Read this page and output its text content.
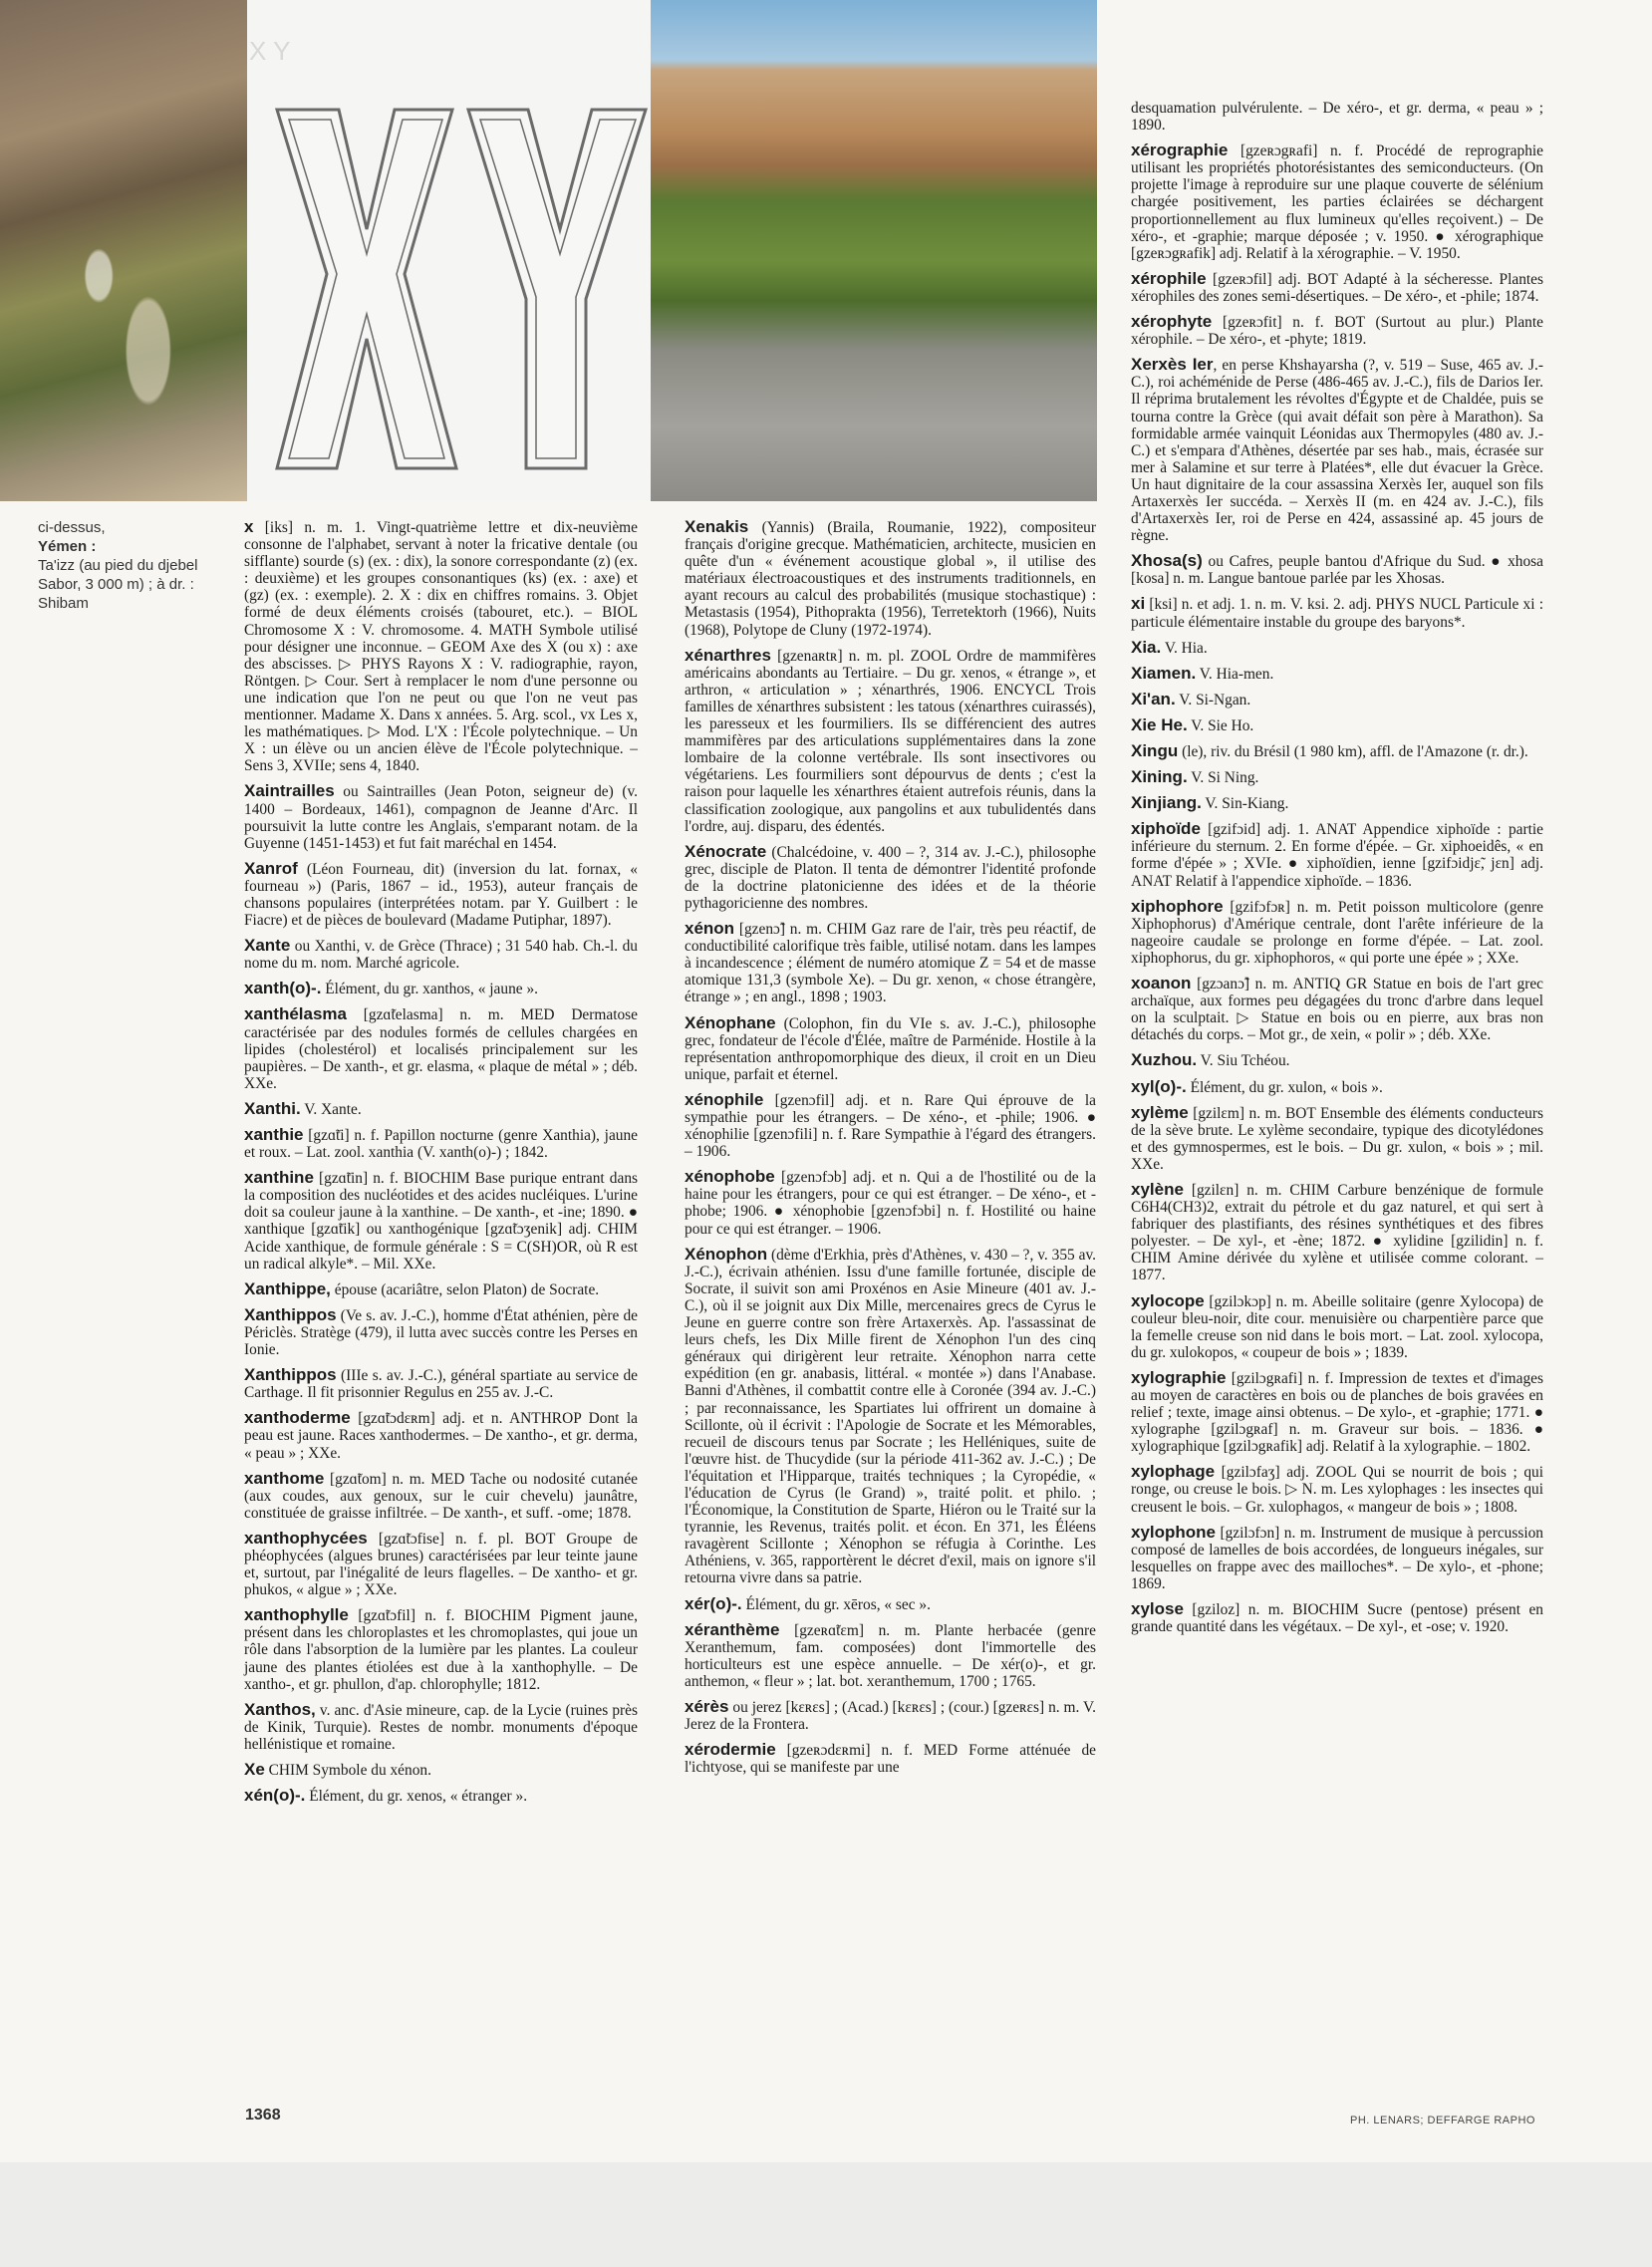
X Y
ci-dessus,
Yémen :
Ta'izz (au pied du djebel Sabor, 3 000 m) ; à dr. : Shibam
x [iks] n. m. 1. Vingt-quatrième lettre et dix-neuvième consonne de l'alphabet, servant à noter la fricative dentale (ou sifflante) sourde (s) (ex. : dix), la sonore correspondante (z) (ex. : deuxième) et les groupes consonantiques (ks) (ex. : axe) et (gz) (ex. : exemple). 2. X : dix en chiffres romains. 3. Objet formé de deux éléments croisés (tabouret, etc.). – BIOL Chromosome X : V. chromosome. 4. MATH Symbole utilisé pour désigner une inconnue. – GEOM Axe des X (ou x) : axe des abscisses. ▷ PHYS Rayons X : V. radiographie, rayon, Röntgen. ▷ Cour. Sert à remplacer le nom d'une personne ou une indication que l'on ne peut ou que l'on ne veut pas mentionner. Madame X. Dans x années. 5. Arg. scol., vx Les x, les mathématiques. ▷ Mod. L'X : l'École polytechnique. – Un X : un élève ou un ancien élève de l'École polytechnique. – Sens 3, XVIIe; sens 4, 1840.
Xaintrailles ou Saintrailles (Jean Poton, seigneur de) (v. 1400 – Bordeaux, 1461), compagnon de Jeanne d'Arc. Il poursuivit la lutte contre les Anglais, s'emparant notam. de la Guyenne (1451-1453) et fut fait maréchal en 1454.
Xanrof (Léon Fourneau, dit) (inversion du lat. fornax, « fourneau ») (Paris, 1867 – id., 1953), auteur français de chansons populaires (interprétées notam. par Y. Guilbert : le Fiacre) et de pièces de boulevard (Madame Putiphar, 1897).
Xante ou Xanthi, v. de Grèce (Thrace) ; 31 540 hab. Ch.-l. du nome du m. nom. Marché agricole.
xanth(o)-. Élément, du gr. xanthos, « jaune ».
xanthélasma [gzɑ̃telasma] n. m. MED Dermatose caractérisée par des nodules formés de cellules chargées en lipides (cholestérol) et localisés principalement sur les paupières. – De xanth-, et gr. elasma, « plaque de métal » ; déb. XXe.
Xanthi. V. Xante.
xanthie [gzɑ̃ti] n. f. Papillon nocturne (genre Xanthia), jaune et roux. – Lat. zool. xanthia (V. xanth(o)-) ; 1842.
xanthine [gzɑ̃tin] n. f. BIOCHIM Base purique entrant dans la composition des nucléotides et des acides nucléiques. L'urine doit sa couleur jaune à la xanthine. – De xanth-, et -ine; 1890. ● xanthique [gzɑ̃tik] ou xanthogénique [gzɑ̃tɔʒenik] adj. CHIM Acide xanthique, de formule générale : S = C(SH)OR, où R est un radical alkyle*. – Mil. XXe.
Xanthippe, épouse (acariâtre, selon Platon) de Socrate.
Xanthippos (Ve s. av. J.-C.), homme d'État athénien, père de Périclès. Stratège (479), il lutta avec succès contre les Perses en Ionie.
Xanthippos (IIIe s. av. J.-C.), général spartiate au service de Carthage. Il fit prisonnier Regulus en 255 av. J.-C.
xanthoderme [gzɑ̃tɔdɛʀm] adj. et n. ANTHROP Dont la peau est jaune. Races xanthodermes. – De xantho-, et gr. derma, « peau » ; XXe.
xanthome [gzɑ̃tom] n. m. MED Tache ou nodosité cutanée (aux coudes, aux genoux, sur le cuir chevelu) jaunâtre, constituée de graisse infiltrée. – De xanth-, et suff. -ome; 1878.
xanthophycées [gzɑ̃tɔfise] n. f. pl. BOT Groupe de phéophycées (algues brunes) caractérisées par leur teinte jaune et, surtout, par l'inégalité de leurs flagelles. – De xantho- et gr. phukos, « algue » ; XXe.
xanthophylle [gzɑ̃tɔfil] n. f. BIOCHIM Pigment jaune, présent dans les chloroplastes et les chromoplastes, qui joue un rôle dans l'absorption de la lumière par les plantes. La couleur jaune des plantes étiolées est due à la xanthophylle. – De xantho-, et gr. phullon, d'ap. chlorophylle; 1812.
Xanthos, v. anc. d'Asie mineure, cap. de la Lycie (ruines près de Kinik, Turquie). Restes de nombr. monuments d'époque hellénistique et romaine.
Xe CHIM Symbole du xénon.
xén(o)-. Élément, du gr. xenos, « étranger ».
Xenakis (Yannis) (Braila, Roumanie, 1922), compositeur français d'origine grecque. Mathématicien, architecte, musicien en quête d'un « événement acoustique global », il utilise des matériaux électroacoustiques et des instruments traditionnels, en ayant recours au calcul des probabilités (musique stochastique) : Metastasis (1954), Pithoprakta (1956), Terretektorh (1966), Nuits (1968), Polytope de Cluny (1972-1974).
xénarthres [gzenaʀtʀ] n. m. pl. ZOOL Ordre de mammifères américains abondants au Tertiaire. – Du gr. xenos, « étrange », et arthron, « articulation » ; xénarthrés, 1906. ENCYCL Trois familles de xénarthres subsistent : les tatous (xénarthres cuirassés), les paresseux et les fourmiliers. Ils se différencient des autres mammifères par des articulations supplémentaires dans la zone lombaire de la colonne vertébrale. Ils sont insectivores ou végétariens. Les fourmiliers sont dépourvus de dents ; c'est la raison pour laquelle les xénarthres étaient autrefois réunis, dans la classification zoologique, aux pangolins et aux tubulidentés dans l'ordre, auj. disparu, des édentés.
Xénocrate (Chalcédoine, v. 400 – ?, 314 av. J.-C.), philosophe grec, disciple de Platon. Il tenta de démontrer l'identité profonde de la doctrine platonicienne des idées et de la théorie pythagoricienne des nombres.
xénon [gzenɔ̃] n. m. CHIM Gaz rare de l'air, très peu réactif, de conductibilité calorifique très faible, utilisé notam. dans les lampes à incandescence ; élément de numéro atomique Z = 54 et de masse atomique 131,3 (symbole Xe). – Du gr. xenon, « chose étrangère, étrange » ; en angl., 1898 ; 1903.
Xénophane (Colophon, fin du VIe s. av. J.-C.), philosophe grec, fondateur de l'école d'Élée, maître de Parménide. Hostile à la représentation anthropomorphique des dieux, il croit en un Dieu unique, parfait et éternel.
xénophile [gzenɔfil] adj. et n. Rare Qui éprouve de la sympathie pour les étrangers. – De xéno-, et -phile; 1906. ● xénophilie [gzenɔfili] n. f. Rare Sympathie à l'égard des étrangers. – 1906.
xénophobe [gzenɔfɔb] adj. et n. Qui a de l'hostilité ou de la haine pour les étrangers, pour ce qui est étranger. – De xéno-, et -phobe; 1906. ● xénophobie [gzenɔfɔbi] n. f. Hostilité ou haine pour ce qui est étranger. – 1906.
Xénophon (dème d'Erkhia, près d'Athènes, v. 430 – ?, v. 355 av. J.-C.), écrivain athénien. Issu d'une famille fortunée, disciple de Socrate, il suivit son ami Proxénos en Asie Mineure (401 av. J.-C.), où il se joignit aux Dix Mille, mercenaires grecs de Cyrus le Jeune en guerre contre son frère Artaxerxès. Ap. l'assassinat de leurs chefs, les Dix Mille firent de Xénophon l'un des cinq généraux qui dirigèrent leur retraite. Xénophon narra cette expédition (en gr. anabasis, littéral. « montée ») dans l'Anabase. Banni d'Athènes, il combattit contre elle à Coronée (394 av. J.-C.) ; par reconnaissance, les Spartiates lui offrirent un domaine à Scillonte, où il écrivit : l'Apologie de Socrate et les Mémorables, recueil de discours tenus par Socrate ; les Helléniques, suite de l'œuvre hist. de Thucydide (sur la période 411-362 av. J.-C.) ; De l'équitation et l'Hipparque, traités techniques ; la Cyropédie, « l'éducation de Cyrus (le Grand) », traité polit. et philo. ; l'Économique, la Constitution de Sparte, Hiéron ou le Traité sur la tyrannie, les Revenus, traités polit. et écon. En 371, les Éléens ravagèrent Scillonte ; Xénophon se réfugia à Corinthe. Les Athéniens, v. 365, rapportèrent le décret d'exil, mais on ignore s'il retourna vivre dans sa patrie.
xér(o)-. Élément, du gr. xēros, « sec ».
xéranthème [gzeʀɑ̃tɛm] n. m. Plante herbacée (genre Xeranthemum, fam. composées) dont l'immortelle des horticulteurs est une espèce annuelle. – De xér(o)-, et gr. anthemon, « fleur » ; lat. bot. xeranthemum, 1700 ; 1765.
xérès ou jerez [kɛʀɛs] ; (Acad.) [kɛʀɛs] ; (cour.) [gzeʀɛs] n. m. V. Jerez de la Frontera.
xérodermie [gzeʀɔdɛʀmi] n. f. MED Forme atténuée de l'ichtyose, qui se manifeste par une
desquamation pulvérulente. – De xéro-, et gr. derma, « peau » ; 1890.
xérographie [gzeʀɔgʀafi] n. f. Procédé de reprographie utilisant les propriétés photorésistantes des semiconducteurs. (On projette l'image à reproduire sur une plaque couverte de sélénium chargée positivement, les parties éclairées se déchargent proportionnellement au flux lumineux qu'elles reçoivent.) – De xéro-, et -graphie; marque déposée ; v. 1950. ● xérographique [gzeʀɔgʀafik] adj. Relatif à la xérographie. – V. 1950.
xérophile [gzeʀɔfil] adj. BOT Adapté à la sécheresse. Plantes xérophiles des zones semi-désertiques. – De xéro-, et -phile; 1874.
xérophyte [gzeʀɔfit] n. f. BOT (Surtout au plur.) Plante xérophile. – De xéro-, et -phyte; 1819.
Xerxès Ier, en perse Khshayarsha (?, v. 519 – Suse, 465 av. J.-C.), roi achéménide de Perse (486-465 av. J.-C.), fils de Darios Ier. Il réprima brutalement les révoltes d'Égypte et de Chaldée, puis se tourna contre la Grèce (qui avait défait son père à Marathon). Sa formidable armée vainquit Léonidas aux Thermopyles (480 av. J.-C.) et s'empara d'Athènes, désertée par ses hab., mais, écrasée sur mer à Salamine et sur terre à Platées*, elle dut évacuer la Grèce. Un haut dignitaire de la cour assassina Xerxès Ier, auquel son fils Artaxerxès Ier succéda. – Xerxès II (m. en 424 av. J.-C.), fils d'Artaxerxès Ier, roi de Perse en 424, assassiné ap. 45 jours de règne.
Xhosa(s) ou Cafres, peuple bantou d'Afrique du Sud. ● xhosa [kosa] n. m. Langue bantoue parlée par les Xhosas.
xi [ksi] n. et adj. 1. n. m. V. ksi. 2. adj. PHYS NUCL Particule xi : particule élémentaire instable du groupe des baryons*.
Xia. V. Hia.
Xiamen. V. Hia-men.
Xi'an. V. Si-Ngan.
Xie He. V. Sie Ho.
Xingu (le), riv. du Brésil (1 980 km), affl. de l'Amazone (r. dr.).
Xining. V. Si Ning.
Xinjiang. V. Sin-Kiang.
xiphoïde [gzifɔid] adj. 1. ANAT Appendice xiphoïde : partie inférieure du sternum. 2. En forme d'épée. – Gr. xiphoeidês, « en forme d'épée » ; XVIe. ● xiphoïdien, ienne [gzifɔidjɛ̃, jɛn] adj. ANAT Relatif à l'appendice xiphoïde. – 1836.
xiphophore [gzifɔfɔʀ] n. m. Petit poisson multicolore (genre Xiphophorus) d'Amérique centrale, dont l'arête inférieure de la nageoire caudale se prolonge en forme d'épée. – Lat. zool. xiphophorus, du gr. xiphophoros, « qui porte une épée » ; XXe.
xoanon [gzɔanɔ̃] n. m. ANTIQ GR Statue en bois de l'art grec archaïque, aux formes peu dégagées du tronc d'arbre dans lequel on la sculptait. ▷ Statue en bois ou en pierre, aux bras non détachés du corps. – Mot gr., de xein, « polir » ; déb. XXe.
Xuzhou. V. Siu Tchéou.
xyl(o)-. Élément, du gr. xulon, « bois ».
xylème [gzilɛm] n. m. BOT Ensemble des éléments conducteurs de la sève brute. Le xylème secondaire, typique des dicotylédones et des gymnospermes, est le bois. – Du gr. xulon, « bois » ; mil. XXe.
xylène [gzilɛn] n. m. CHIM Carbure benzénique de formule C6H4(CH3)2, extrait du pétrole et du gaz naturel, et qui sert à fabriquer des plastifiants, des résines synthétiques et des fibres polyester. – De xyl-, et -ène; 1872. ● xylidine [gzilidin] n. f. CHIM Amine dérivée du xylène et utilisée comme colorant. – 1877.
xylocope [gzilɔkɔp] n. m. Abeille solitaire (genre Xylocopa) de couleur bleu-noir, dite cour. menuisière ou charpentière parce que la femelle creuse son nid dans le bois mort. – Lat. zool. xylocopa, du gr. xulokopos, « coupeur de bois » ; 1839.
xylographie [gzilɔgʀafi] n. f. Impression de textes et d'images au moyen de caractères en bois ou de planches de bois gravées en relief ; texte, image ainsi obtenus. – De xylo-, et -graphie; 1771. ● xylographe [gzilɔgʀaf] n. m. Graveur sur bois. – 1836. ● xylographique [gzilɔgʀafik] adj. Relatif à la xylographie. – 1802.
xylophage [gzilɔfaʒ] adj. ZOOL Qui se nourrit de bois ; qui ronge, ou creuse le bois. ▷ N. m. Les xylophages : les insectes qui creusent le bois. – Gr. xulophagos, « mangeur de bois » ; 1808.
xylophone [gzilɔfɔn] n. m. Instrument de musique à percussion composé de lamelles de bois accordées, de longueurs inégales, sur lesquelles on frappe avec des mailloches*. – De xylo-, et -phone; 1869.
xylose [gziloz] n. m. BIOCHIM Sucre (pentose) présent en grande quantité dans les végétaux. – De xyl-, et -ose; v. 1920.
1368	PH. LENARS; DEFFARGE RAPHO
